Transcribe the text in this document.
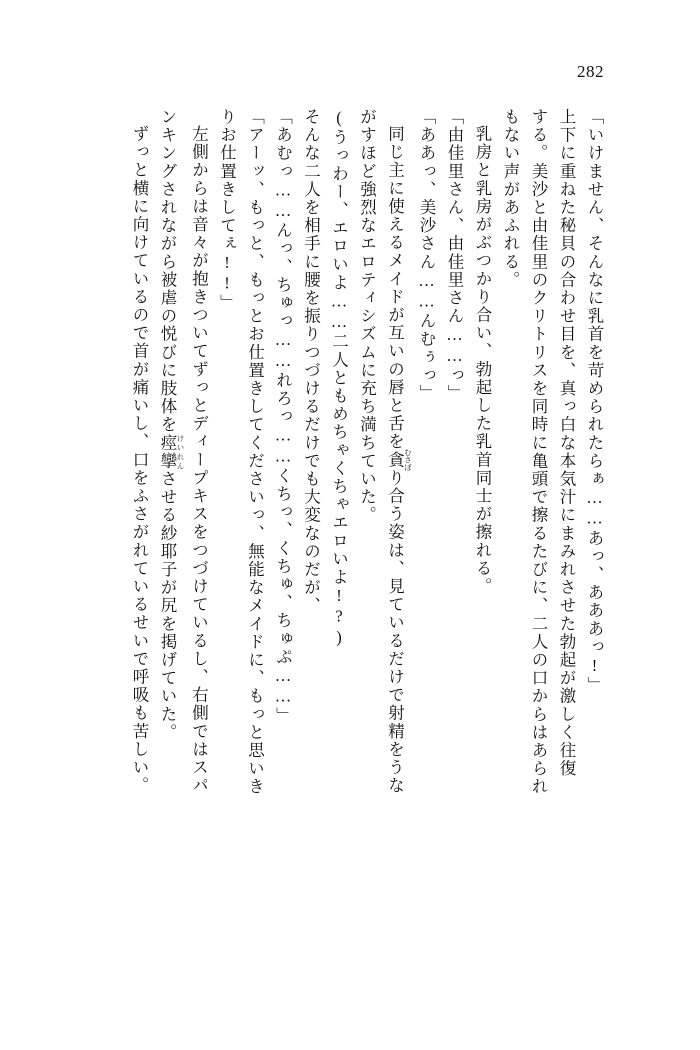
282
「いけません、そんなに乳首を苛められたらぁ……あっ、あああっ!」
上下に重ねた秘貝の合わせ目を、真っ白な本気汁にまみれさせた勃起が激しく往復
する。美沙と由佳里のクリトリスを同時に亀頭で擦るたびに、二人の口からはあられ
もない声があふれる。
乳房と乳房がぶつかり合い、勃起した乳首同士が擦れる。
「由佳里さん、由佳里さん……っ」
「ああっ、美沙さん……んむぅっ」
同じ主に使えるメイドが互いの唇と舌を貪 むさぼり合う姿は、見ているだけで射精をうな
がすほど強烈なエロティシズムに充ち満ちていた。
(うっわー、エロいよ……二人ともめちゃくちゃエロいよ!?)
そんな二人を相手に腰を振りつづけるだけでも大変なのだが、
「あむっ……んっ、ちゅっ……れろっ……くちっ、くちゅ、ちゅぷ……」
「アーッ、もっと、もっとお仕置きしてくださいっ、無能なメイドに、もっと思いき
りお仕置きしてぇ!!」
左側からは音々が抱きついてずっとディープキスをつづけているし、右側ではスパ
ンキングされながら被虐の悦びに肢体を痙攣 けいれんさせる紗耶子が尻を掲げていた。
ずっと横に向けているので首が痛いし、口をふさがれているせいで呼吸も苦しい。
